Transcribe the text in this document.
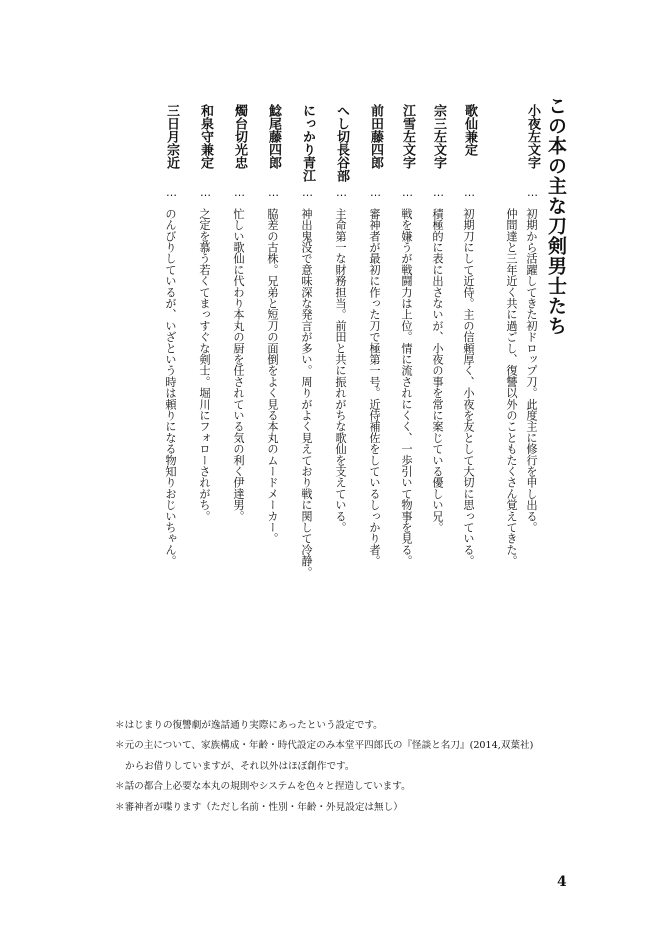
この本の主な刀剣男士たち
小夜左文字
…
初期から活躍してきた初ドロップ刀。此度主に修行を申し出る。
仲間達と三年近く共に過ごし、復讐以外のこともたくさん覚えてきた。
歌仙兼定
…
初期刀にして近侍。主の信頼厚く、小夜を友として大切に思っている。
宗三左文字
…
積極的に表に出さないが、小夜の事を常に案じている優しい兄。
江雪左文字
…
戦を嫌うが戦闘力は上位。情に流されにくく、一歩引いて物事を見る。
前田藤四郎
…
審神者が最初に作った刀で極第一号。近侍補佐をしているしっかり者。
へし切長谷部
…
主命第一な財務担当。前田と共に振れがちな歌仙を支えている。
にっかり青江
…
神出鬼没で意味深な発言が多い。周りがよく見えており戦に関して冷静。
鯰尾藤四郎
…
脇差の古株。兄弟と短刀の面倒をよく見る本丸のムードメーカー。
燭台切光忠
…
忙しい歌仙に代わり本丸の厨を任されている気の利く伊達男。
和泉守兼定
…
之定を慕う若くてまっすぐな剣士。堀川にフォローされがち。
三日月宗近
…
のんびりしているが、いざという時は頼りになる物知りおじいちゃん。
＊はじまりの復讐劇が逸話通り実際にあったという設定です。
＊元の主について、家族構成・年齢・時代設定のみ本堂平四郎氏の『怪談と名刀』(2014,双葉社)
からお借りしていますが、それ以外はほぼ創作です。
＊話の都合上必要な本丸の規則やシステムを色々と捏造しています。
＊審神者が喋ります（ただし名前・性別・年齢・外見設定は無し）
4
